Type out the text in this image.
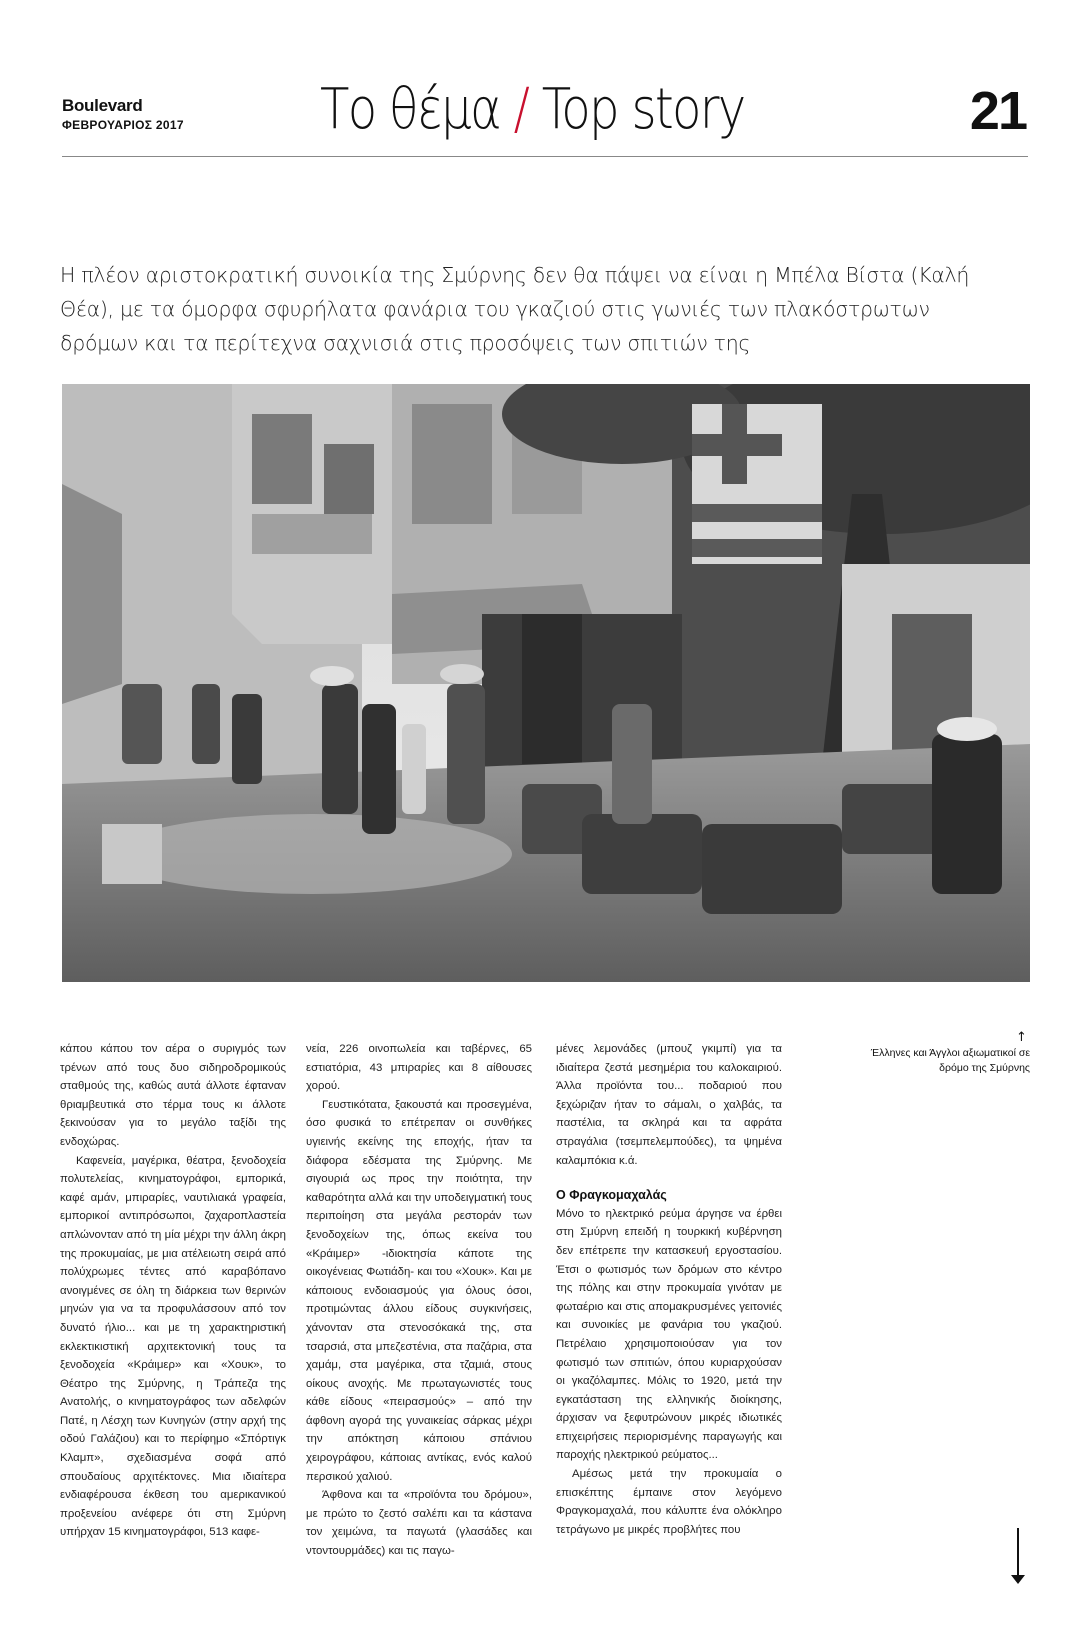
Boulevard
ΦΕΒΡΟΥΑΡΙΟΣ 2017 Το θέμα / Top story	21
Η πλέον αριστοκρατική συνοικία της Σμύρνης δεν θα πάψει να είναι η Μπέλα Βίστα (Καλή Θέα), με τα όμορφα σφυρήλατα φανάρια του γκαζιού στις γωνιές των πλακόστρωτων δρόμων και τα περίτεχνα σαχνισιά στις προσόψεις των σπιτιών της
↑
Έλληνες και Άγγλοι αξιωματικοί σε δρόμο της Σμύρνης

κάπου κάπου τον αέρα ο συριγμός των τρένων από τους δυο σιδηροδρομικούς σταθμούς της, καθώς αυτά άλλοτε έφταναν θριαμβευτικά στο τέρμα τους κι άλλοτε ξεκινούσαν για το μεγάλο ταξίδι της ενδοχώρας.

Καφενεία, μαγέρικα, θέατρα, ξενοδοχεία πολυτελείας, κινηματογράφοι, εμπορικά, καφέ αμάν, μπιραρίες, ναυτιλιακά γραφεία, εμπορικοί αντιπρόσωποι, ζαχαροπλαστεία απλώνονταν από τη μία μέχρι την άλλη άκρη της προκυμαίας, με μια ατέλειωτη σειρά από πολύχρωμες τέντες από καραβόπανο ανοιγμένες σε όλη τη διάρκεια των θερινών μηνών για να τα προφυλάσσουν από τον δυνατό ήλιο... και με τη χαρακτηριστική εκλεκτικιστική αρχιτεκτονική τους τα ξενοδοχεία «Κράιμερ» και «Χουκ», το Θέατρο της Σμύρνης, η Τράπεζα της Ανατολής, ο κινηματογράφος των αδελφών Πατέ, η Λέσχη των Κυνηγών (στην αρχή της οδού Γαλάζιου) και το περίφημο «Σπόρτιγκ Κλαμπ», σχεδιασμένα σοφά από σπουδαίους αρχιτέκτονες. Μια ιδιαίτερα ενδιαφέρουσα έκθεση του αμερικανικού προξενείου ανέφερε ότι στη Σμύρνη υπήρχαν 15 κινηματογράφοι, 513 καφε-

νεία, 226 οινοπωλεία και ταβέρνες, 65 εστιατόρια, 43 μπιραρίες και 8 αίθουσες χορού.

Γευστικότατα, ξακουστά και προσεγμένα, όσο φυσικά το επέτρεπαν οι συνθήκες υγιεινής εκείνης της εποχής, ήταν τα διάφορα εδέσματα της Σμύρνης. Με σιγουριά ως προς την ποιότητα, την καθαρότητα αλλά και την υποδειγματική τους περιποίηση στα μεγάλα ρεστοράν των ξενοδοχείων της, όπως εκείνα του «Κράιμερ» -ιδιοκτησία κάποτε της οικογένειας Φωτιάδη- και του «Χουκ». Και με κάποιους ενδοιασμούς για όλους όσοι, προτιμώντας άλλου είδους συγκινήσεις, χάνονταν στα στενοσόκακά της, στα τσαρσιά, στα μπεζεστένια, στα παζάρια, στα χαμάμ, στα μαγέρικα, στα τζαμιά, στους οίκους ανοχής. Με πρωταγωνιστές τους κάθε είδους «πειρασμούς» – από την άφθονη αγορά της γυναικείας σάρκας μέχρι την απόκτηση κάποιου σπάνιου χειρογράφου, κάποιας αντίκας, ενός καλού περσικού χαλιού.

Άφθονα και τα «προϊόντα του δρόμου», με πρώτο το ζεστό σαλέπι και τα κάστανα τον χειμώνα, τα παγωτά (γλασάδες και ντοντουρμάδες) και τις παγω-

μένες λεμονάδες (μπουζ γκιμπί) για τα ιδιαίτερα ζεστά μεσημέρια του καλοκαιριού. Άλλα προϊόντα του... ποδαριού που ξεχώριζαν ήταν το σάμαλι, ο χαλβάς, τα παστέλια, τα σκληρά και τα αφράτα στραγάλια (τσεμπελεμπούδες), τα ψημένα καλαμπόκια κ.ά.

Ο Φραγκομαχαλάς

Μόνο το ηλεκτρικό ρεύμα άργησε να έρθει στη Σμύρνη επειδή η τουρκική κυβέρνηση δεν επέτρεπε την κατασκευή εργοστασίου. Έτσι ο φωτισμός των δρόμων στο κέντρο της πόλης και στην προκυμαία γινόταν με φωταέριο και στις απομακρυσμένες γειτονιές και συνοικίες με φανάρια του γκαζιού. Πετρέλαιο χρησιμοποιούσαν για τον φωτισμό των σπιτιών, όπου κυριαρχούσαν οι γκαζόλαμπες. Μόλις το 1920, μετά την εγκατάσταση της ελληνικής διοίκησης, άρχισαν να ξεφυτρώνουν μικρές ιδιωτικές επιχειρήσεις περιορισμένης παραγωγής και παροχής ηλεκτρικού ρεύματος...

Αμέσως μετά την προκυμαία ο επισκέπτης έμπαινε στον λεγόμενο Φραγκομαχαλά, που κάλυπτε ένα ολόκληρο τετράγωνο με μικρές προβλήτες που
